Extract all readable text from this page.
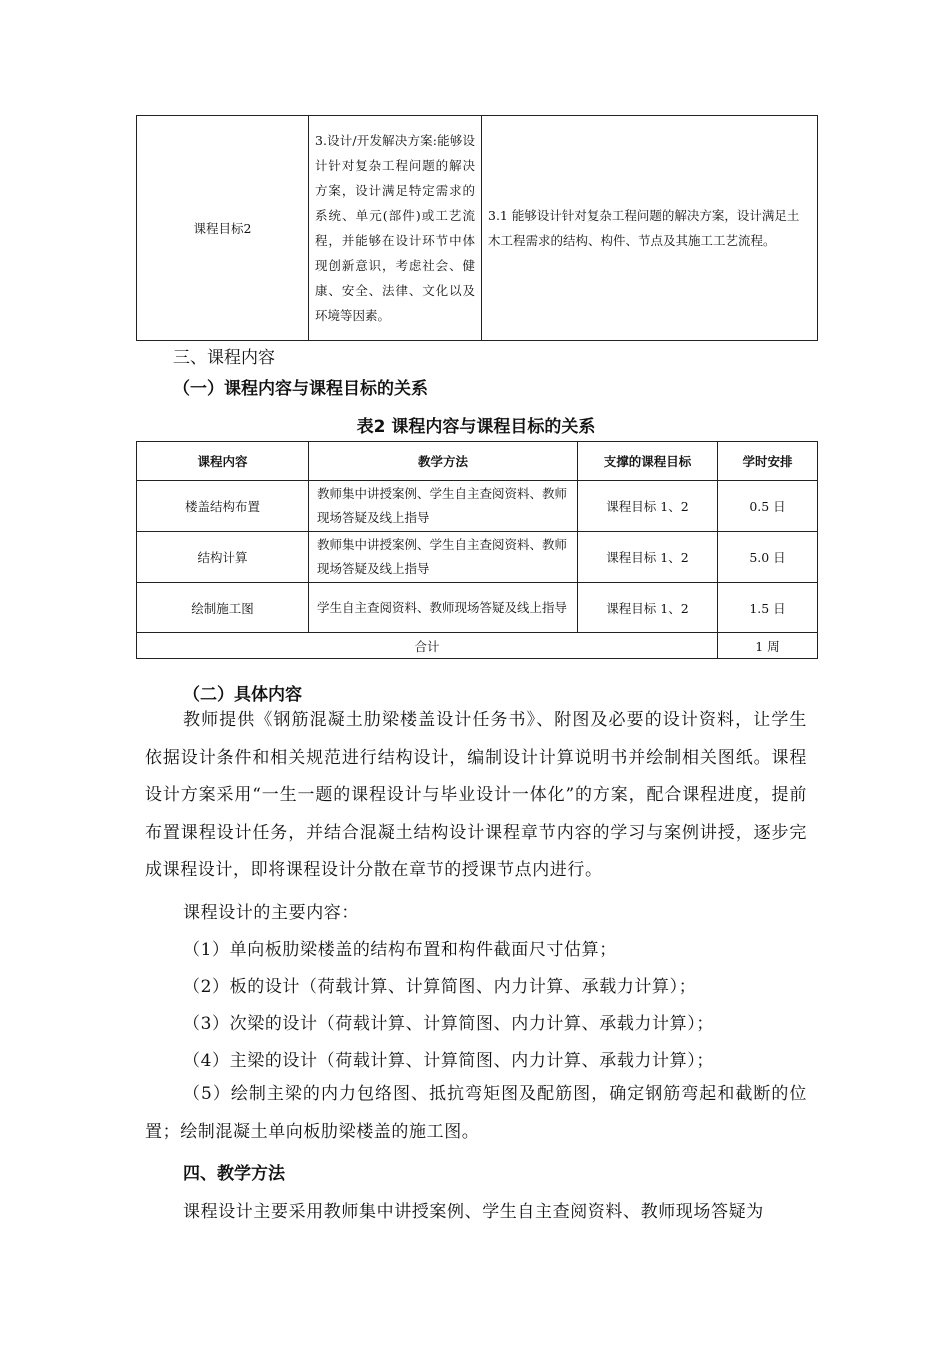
课程目标2	3.设计/开发解决方案:能够设计针对复杂工程问题的解决方案，设计满足特定需求的系统、单元(部件)或工艺流程，并能够在设计环节中体现创新意识，考虑社会、健康、安全、法律、文化以及环境等因素。	3.1 能够设计针对复杂工程问题的解决方案，设计满足土木工程需求的结构、构件、节点及其施工工艺流程。
三、课程内容
（一）课程内容与课程目标的关系
表2 课程内容与课程目标的关系
课程内容	教学方法	支撑的课程目标	学时安排
楼盖结构布置	教师集中讲授案例、学生自主查阅资料、教师现场答疑及线上指导	课程目标 1、2	0.5 日
结构计算	教师集中讲授案例、学生自主查阅资料、教师现场答疑及线上指导	课程目标 1、2	5.0 日
绘制施工图	学生自主查阅资料、教师现场答疑及线上指导	课程目标 1、2	1.5 日
合计			1 周
（二）具体内容
教师提供《钢筋混凝土肋梁楼盖设计任务书》、附图及必要的设计资料，让学生依据设计条件和相关规范进行结构设计，编制设计计算说明书并绘制相关图纸。课程设计方案采用“一生一题的课程设计与毕业设计一体化”的方案，配合课程进度，提前布置课程设计任务，并结合混凝土结构设计课程章节内容的学习与案例讲授，逐步完成课程设计，即将课程设计分散在章节的授课节点内进行。
课程设计的主要内容：
（1）单向板肋梁楼盖的结构布置和构件截面尺寸估算；
（2）板的设计（荷载计算、计算简图、内力计算、承载力计算）；
（3）次梁的设计（荷载计算、计算简图、内力计算、承载力计算）；
（4）主梁的设计（荷载计算、计算简图、内力计算、承载力计算）；
（5）绘制主梁的内力包络图、抵抗弯矩图及配筋图，确定钢筋弯起和截断的位置；绘制混凝土单向板肋梁楼盖的施工图。
四、教学方法
课程设计主要采用教师集中讲授案例、学生自主查阅资料、教师现场答疑为
